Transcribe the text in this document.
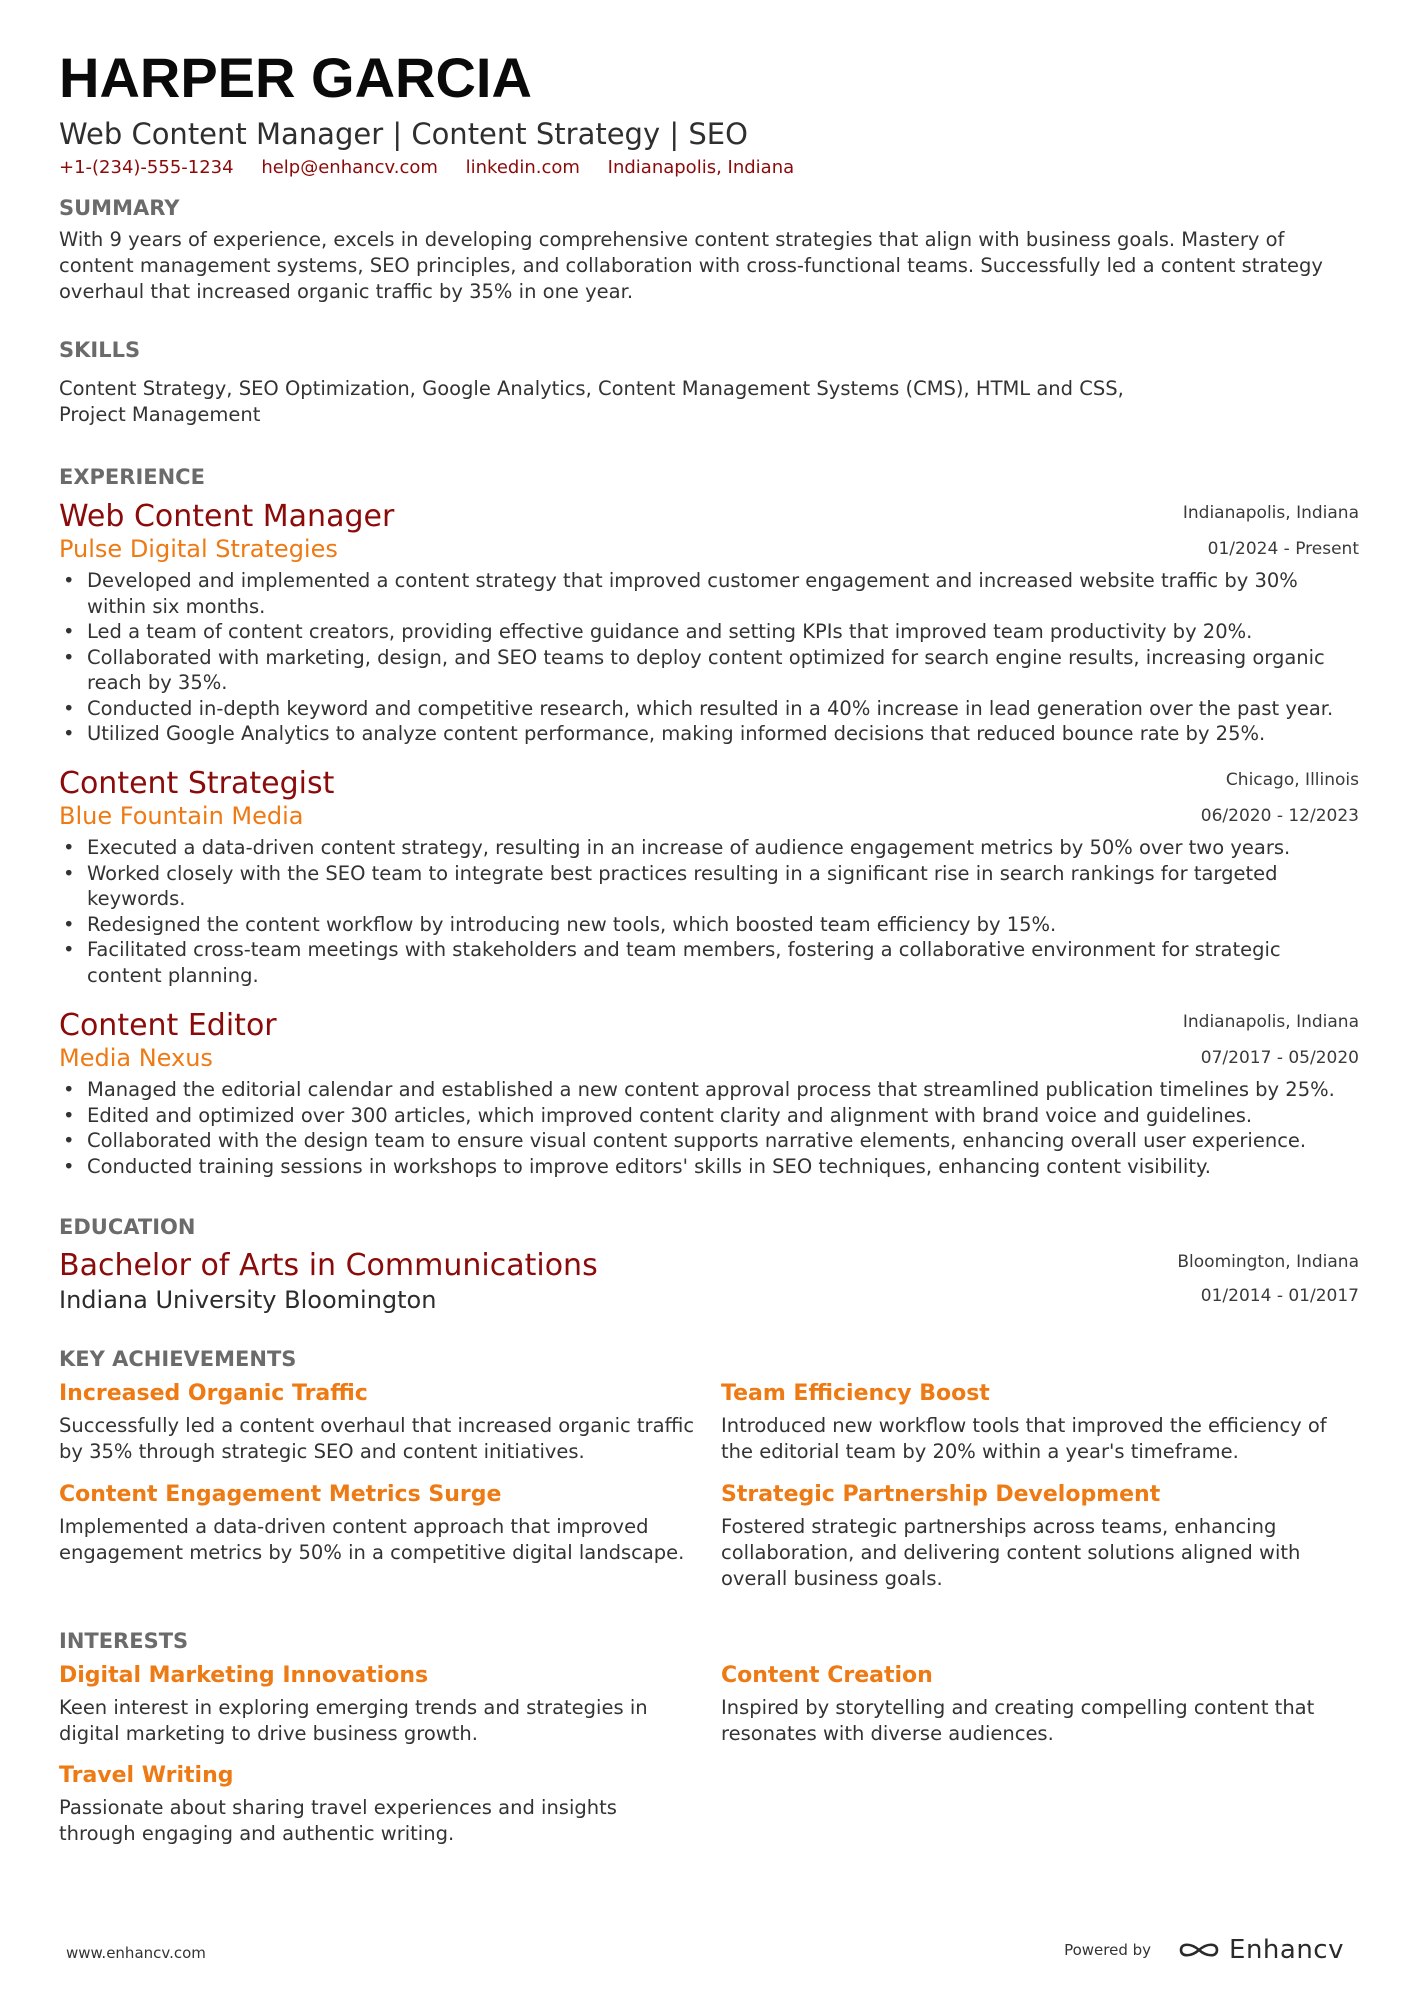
HARPER GARCIA
Web Content Manager | Content Strategy | SEO
+1-(234)-555-1234 help@enhancv.com linkedin.com Indianapolis, Indiana
SUMMARY
With 9 years of experience, excels in developing comprehensive content strategies that align with business goals. Mastery of content management systems, SEO principles, and collaboration with cross-functional teams. Successfully led a content strategy overhaul that increased organic traffic by 35% in one year.
SKILLS
Content Strategy, SEO Optimization, Google Analytics, Content Management Systems (CMS), HTML and CSS, Project Management
EXPERIENCE
Indianapolis, Indiana
01/2024 - Present
Web Content Manager
Pulse Digital Strategies
• Developed and implemented a content strategy that improved customer engagement and increased website traffic by 30% within six months.
• Led a team of content creators, providing effective guidance and setting KPIs that improved team productivity by 20%.
• Collaborated with marketing, design, and SEO teams to deploy content optimized for search engine results, increasing organic reach by 35%.
• Conducted in-depth keyword and competitive research, which resulted in a 40% increase in lead generation over the past year.
• Utilized Google Analytics to analyze content performance, making informed decisions that reduced bounce rate by 25%.
Chicago, Illinois
06/2020 - 12/2023
Content Strategist
Blue Fountain Media
• Executed a data-driven content strategy, resulting in an increase of audience engagement metrics by 50% over two years.
• Worked closely with the SEO team to integrate best practices resulting in a significant rise in search rankings for targeted keywords.
• Redesigned the content workflow by introducing new tools, which boosted team efficiency by 15%.
• Facilitated cross-team meetings with stakeholders and team members, fostering a collaborative environment for strategic content planning.
Indianapolis, Indiana
07/2017 - 05/2020
Content Editor
Media Nexus
• Managed the editorial calendar and established a new content approval process that streamlined publication timelines by 25%.
• Edited and optimized over 300 articles, which improved content clarity and alignment with brand voice and guidelines.
• Collaborated with the design team to ensure visual content supports narrative elements, enhancing overall user experience.
• Conducted training sessions in workshops to improve editors' skills in SEO techniques, enhancing content visibility.
EDUCATION
Bloomington, Indiana
01/2014 - 01/2017
Bachelor of Arts in Communications
Indiana University Bloomington
KEY ACHIEVEMENTS
Increased Organic Traffic
Successfully led a content overhaul that increased organic traffic by 35% through strategic SEO and content initiatives.
Team Efficiency Boost
Introduced new workflow tools that improved the efficiency of the editorial team by 20% within a year's timeframe.
Content Engagement Metrics Surge
Implemented a data-driven content approach that improved engagement metrics by 50% in a competitive digital landscape.
Strategic Partnership Development
Fostered strategic partnerships across teams, enhancing collaboration, and delivering content solutions aligned with overall business goals.
INTERESTS
Digital Marketing Innovations
Keen interest in exploring emerging trends and strategies in digital marketing to drive business growth.
Content Creation
Inspired by storytelling and creating compelling content that resonates with diverse audiences.
Travel Writing
Passionate about sharing travel experiences and insights through engaging and authentic writing.
www.enhancv.com	Powered by	Enhancv
